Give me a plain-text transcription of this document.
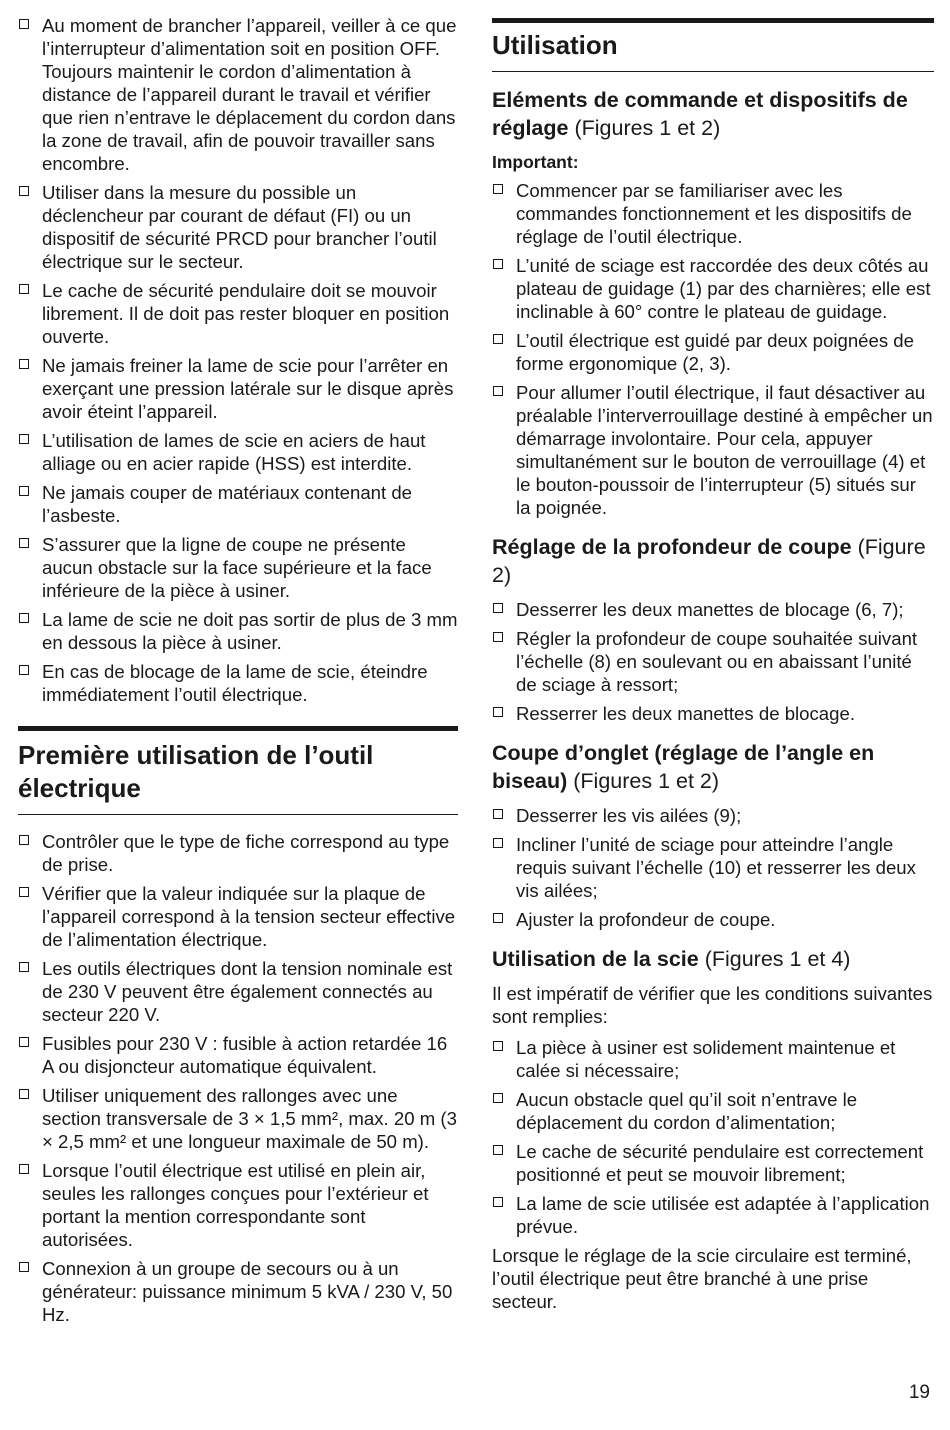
Au moment de brancher l’appareil, veiller à ce que l’interrupteur d’alimentation soit en position OFF. Toujours maintenir le cordon d’alimentation à distance de l’appareil durant le travail et vérifier que rien n’entrave le déplacement du cordon dans la zone de travail, afin de pouvoir travailler sans encombre.
Utiliser dans la mesure du possible un déclencheur par courant de défaut (FI) ou un dispositif de sécurité PRCD pour brancher l’outil électrique sur le secteur.
Le cache de sécurité pendulaire doit se mouvoir librement. Il de doit pas rester bloquer en position ouverte.
Ne jamais freiner la lame de scie pour l’arrêter en exerçant une pression latérale sur le disque après avoir éteint l’appareil.
L’utilisation de lames de scie en aciers de haut alliage ou en acier rapide (HSS) est interdite.
Ne jamais couper de matériaux contenant de l’asbeste.
S’assurer que la ligne de coupe ne présente aucun obstacle sur la face supérieure et la face inférieure de la pièce à usiner.
La lame de scie ne doit pas sortir de plus de 3 mm en dessous la pièce à usiner.
En cas de blocage de la lame de scie, éteindre immédiatement l’outil électrique.
Première utilisation de l’outil électrique
Contrôler que le type de fiche correspond au type de prise.
Vérifier que la valeur indiquée sur la plaque de l’appareil correspond à la tension secteur effective de l’alimentation électrique.
Les outils électriques dont la tension nominale est de 230 V peuvent être également connectés au secteur 220 V.
Fusibles pour 230 V : fusible à action retardée 16 A ou disjoncteur automatique équivalent.
Utiliser uniquement des rallonges avec une section transversale de 3 × 1,5 mm², max. 20 m (3 × 2,5 mm² et une longueur maximale de 50 m).
Lorsque l’outil électrique est utilisé en plein air, seules les rallonges conçues pour l’extérieur et portant la mention correspondante sont autorisées.
Connexion à un groupe de secours ou à un générateur: puissance minimum 5 kVA / 230 V, 50 Hz.
Utilisation
Eléments de commande et dispositifs de réglage (Figures 1 et 2)

Important:

Commencer par se familiariser avec les commandes fonctionnement et les dispositifs de réglage de l’outil électrique.
L’unité de sciage est raccordée des deux côtés au plateau de guidage (1) par des charnières; elle est inclinable à 60° contre le plateau de guidage.
L’outil électrique est guidé par deux poignées de forme ergonomique (2, 3).
Pour allumer l’outil électrique, il faut désactiver au préalable l’interverrouillage destiné à empêcher un démarrage involontaire. Pour cela, appuyer simultanément sur le bouton de verrouillage (4) et le bouton-poussoir de l’interrupteur (5) situés sur la poignée.
Réglage de la profondeur de coupe (Figure 2)
Desserrer les deux manettes de blocage (6, 7);
Régler la profondeur de coupe souhaitée suivant l’échelle (8) en soulevant ou en abaissant l’unité de sciage à ressort;
Resserrer les deux manettes de blocage.
Coupe d’onglet (réglage de l’angle en biseau) (Figures 1 et 2)
Desserrer les vis ailées (9);
Incliner l’unité de sciage pour atteindre l’angle requis suivant l’échelle (10) et resserrer les deux vis ailées;
Ajuster la profondeur de coupe.
Utilisation de la scie (Figures 1 et 4)

Il est impératif de vérifier que les conditions suivantes sont remplies:

La pièce à usiner est solidement maintenue et calée si nécessaire;
Aucun obstacle quel qu’il soit n’entrave le déplacement du cordon d’alimentation;
Le cache de sécurité pendulaire est correctement positionné et peut se mouvoir librement;
La lame de scie utilisée est adaptée à l’application prévue.

Lorsque le réglage de la scie circulaire est terminé, l’outil électrique peut être branché à une prise secteur.

19
